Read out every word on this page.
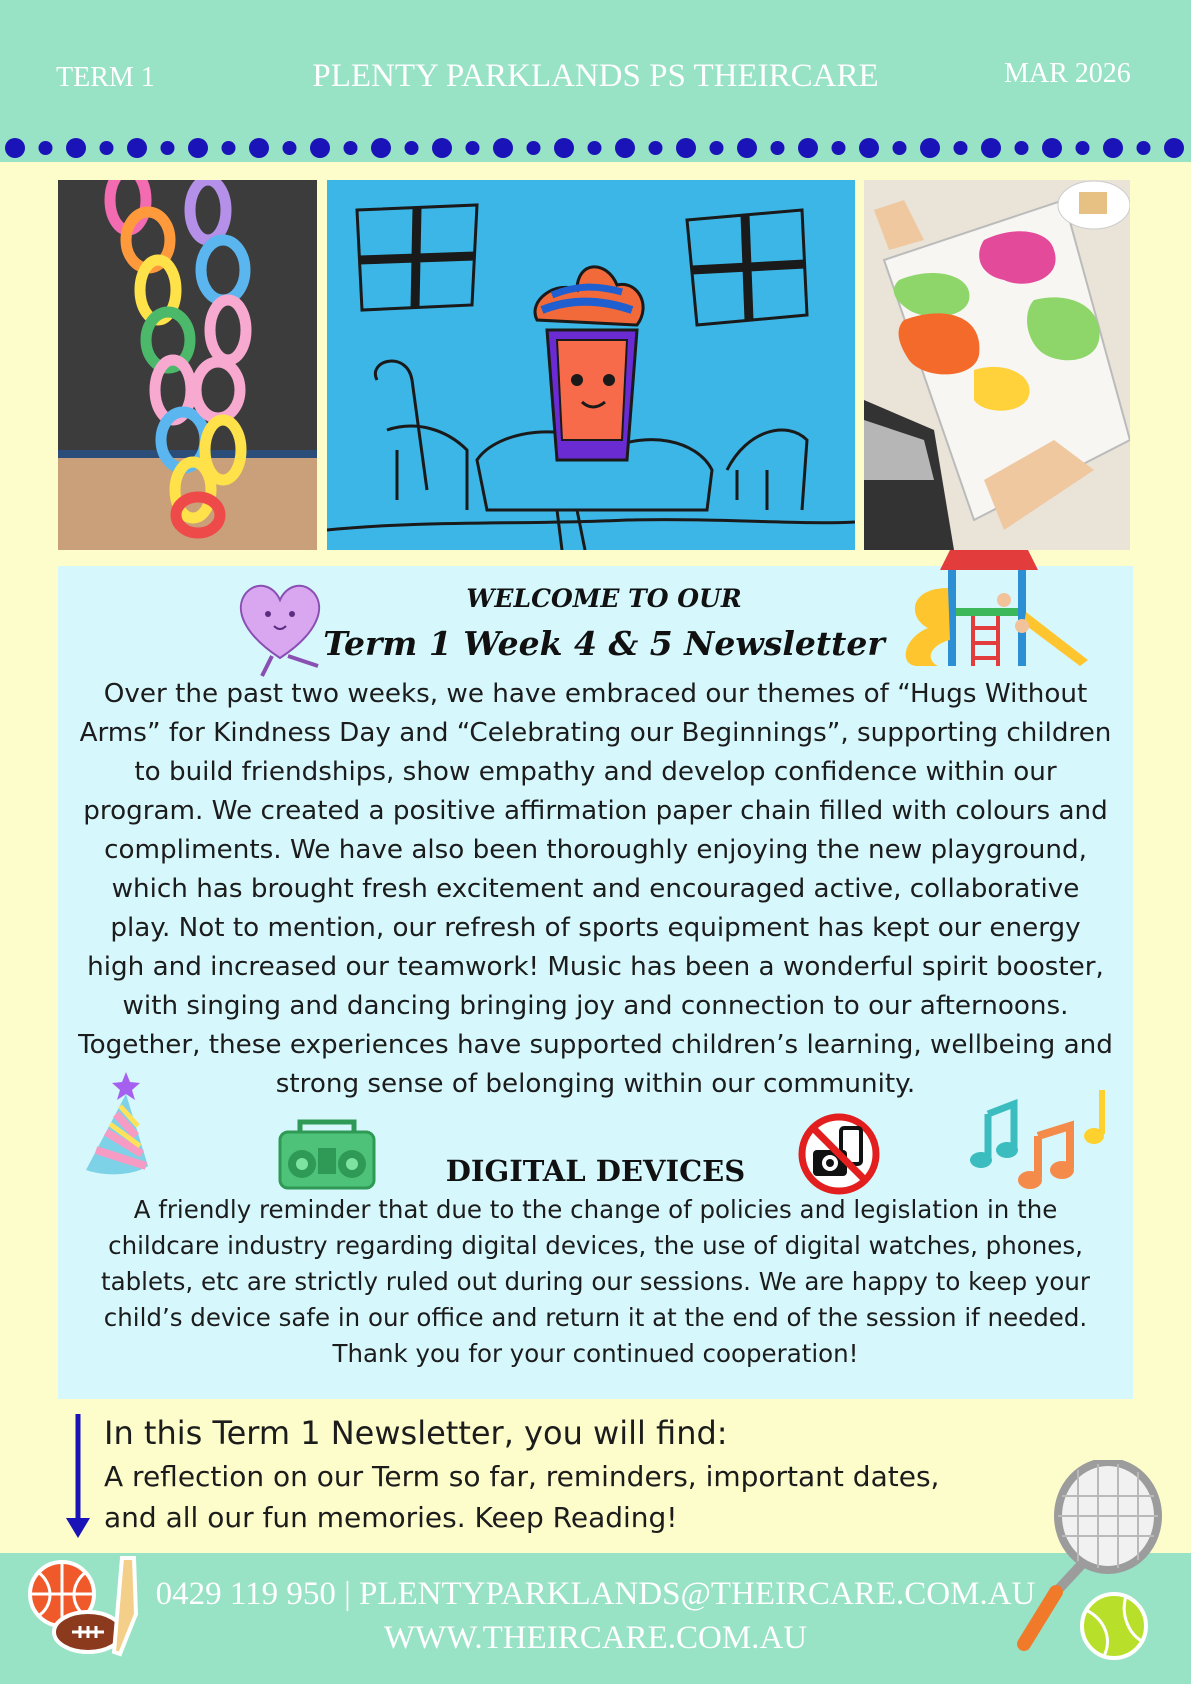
TERM 1	PLENTY PARKLANDS PS THEIRCARE	MAR 2026
WELCOME TO OUR
Term 1 Week 4 & 5 Newsletter
Over the past two weeks, we have embraced our themes of “Hugs Without Arms” for Kindness Day and “Celebrating our Beginnings”, supporting children to build friendships, show empathy and develop confidence within our program. We created a positive affirmation paper chain filled with colours and compliments. We have also been thoroughly enjoying the new playground, which has brought fresh excitement and encouraged active, collaborative play. Not to mention, our refresh of sports equipment has kept our energy high and increased our teamwork! Music has been a wonderful spirit booster, with singing and dancing bringing joy and connection to our afternoons. Together, these experiences have supported children’s learning, wellbeing and strong sense of belonging within our community.
DIGITAL DEVICES
A friendly reminder that due to the change of policies and legislation in the childcare industry regarding digital devices, the use of digital watches, phones, tablets, etc are strictly ruled out during our sessions. We are happy to keep your child’s device safe in our office and return it at the end of the session if needed. Thank you for your continued cooperation!
In this Term 1 Newsletter, you will find:
A reflection on our Term so far, reminders, important dates,
and all our fun memories. Keep Reading!
0429 119 950 | PLENTYPARKLANDS@THEIRCARE.COM.AU
WWW.THEIRCARE.COM.AU
